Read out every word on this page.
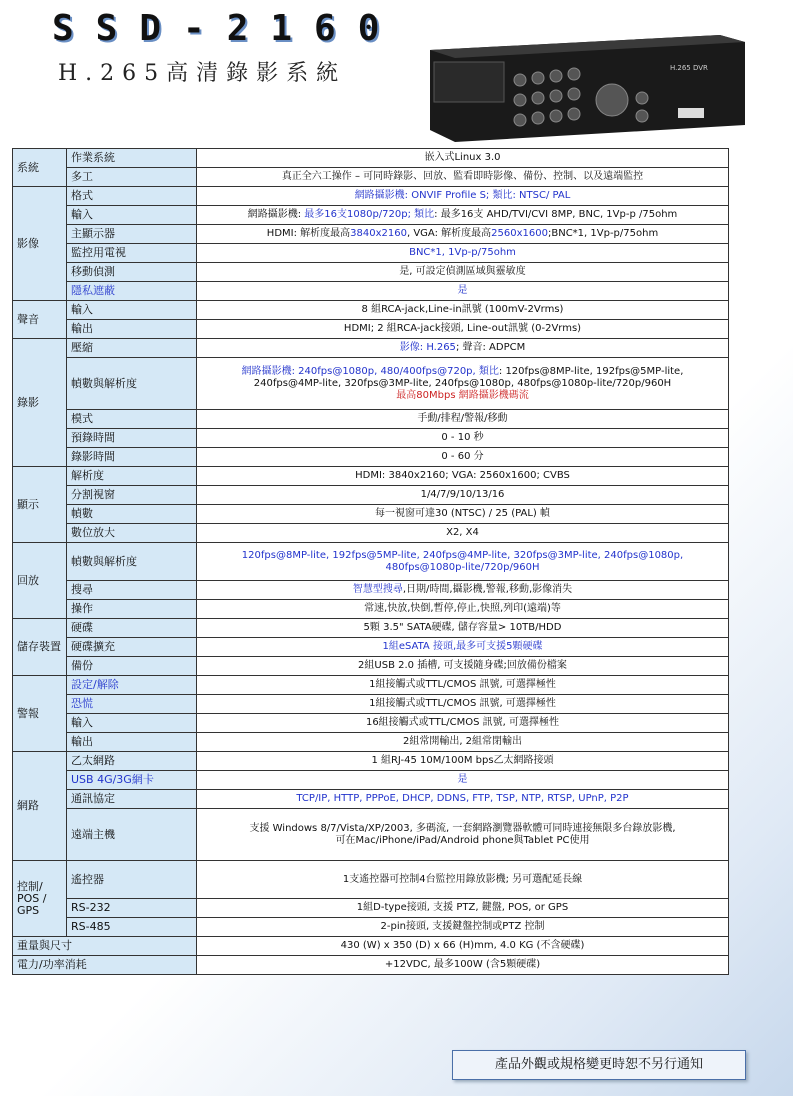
SSD-2160
H.265高清錄影系統	H.265 DVR
系統	作業系統	嵌入式Linux 3.0
	多工	真正全六工操作 – 可同時錄影、回放、監看即時影像、備份、控制、以及遠端監控
影像	格式	網路攝影機: ONVIF Profile S; 類比: NTSC/ PAL
	輸入	網路攝影機: 最多16支1080p/720p; 類比: 最多16支 AHD/TVI/CVI 8MP, BNC, 1Vp-p /75ohm
	主顯示器	HDMI: 解析度最高3840x2160, VGA: 解析度最高2560x1600;BNC*1, 1Vp-p/75ohm
	監控用電視	BNC*1, 1Vp-p/75ohm
	移動偵測	是, 可設定偵測區域與靈敏度
	隱私遮蔽	是
聲音	輸入	8 組RCA-jack,Line-in訊號 (100mV-2Vrms)
	輸出	HDMI; 2 組RCA-jack接頭, Line-out訊號 (0-2Vrms)
錄影	壓縮	影像: H.265; 聲音: ADPCM
	幀數與解析度	網路攝影機: 240fps@1080p, 480/400fps@720p, 類比: 120fps@8MP-lite, 192fps@5MP-lite,
240fps@4MP-lite, 320fps@3MP-lite, 240fps@1080p, 480fps@1080p-lite/720p/960H
最高80Mbps 網路攝影機碼流
	模式	手動/排程/警報/移動
	預錄時間	0 - 10 秒
	錄影時間	0 - 60 分
顯示	解析度	HDMI: 3840x2160; VGA: 2560x1600; CVBS
	分割視窗	1/4/7/9/10/13/16
	幀數	每一視窗可達30 (NTSC) / 25 (PAL) 幀
	數位放大	X2, X4
回放	幀數與解析度	120fps@8MP-lite, 192fps@5MP-lite, 240fps@4MP-lite, 320fps@3MP-lite, 240fps@1080p,
480fps@1080p-lite/720p/960H
	搜尋	智慧型搜尋,日期/時間,攝影機,警報,移動,影像消失
	操作	常速,快放,快倒,暫停,停止,快照,列印(遠端)等
儲存裝置	硬碟	5顆 3.5" SATA硬碟, 儲存容量> 10TB/HDD
	硬碟擴充	1組eSATA 接頭,最多可支援5顆硬碟
	備份	2組USB 2.0 插槽, 可支援隨身碟;回放備份檔案
警報	設定/解除	1組接觸式或TTL/CMOS 訊號, 可選擇極性
	恐慌	1組接觸式或TTL/CMOS 訊號, 可選擇極性
	輸入	16組接觸式或TTL/CMOS 訊號, 可選擇極性
	輸出	2組常開輸出, 2組常閉輸出
網路	乙太網路	1 組RJ-45 10M/100M bps乙太網路接頭
	USB 4G/3G網卡	是
	通訊協定	TCP/IP, HTTP, PPPoE, DHCP, DDNS, FTP, TSP, NTP, RTSP, UPnP, P2P
	遠端主機	支援 Windows 8/7/Vista/XP/2003, 多碼流, 一套網路瀏覽器軟體可同時連接無限多台錄放影機,
可在Mac/iPhone/iPad/Android phone與Tablet PC使用
控制/ POS / GPS	遙控器	1支遙控器可控制4台監控用錄放影機; 另可選配延長線
	RS-232	1組D-type接頭, 支援 PTZ, 鍵盤, POS, or GPS
	RS-485	2-pin接頭, 支援鍵盤控制或PTZ 控制
重量與尺寸		430 (W) x 350 (D) x 66 (H)mm, 4.0 KG (不含硬碟)
電力/功率消耗		+12VDC, 最多100W (含5顆硬碟)
產品外觀或規格變更時恕不另行通知
